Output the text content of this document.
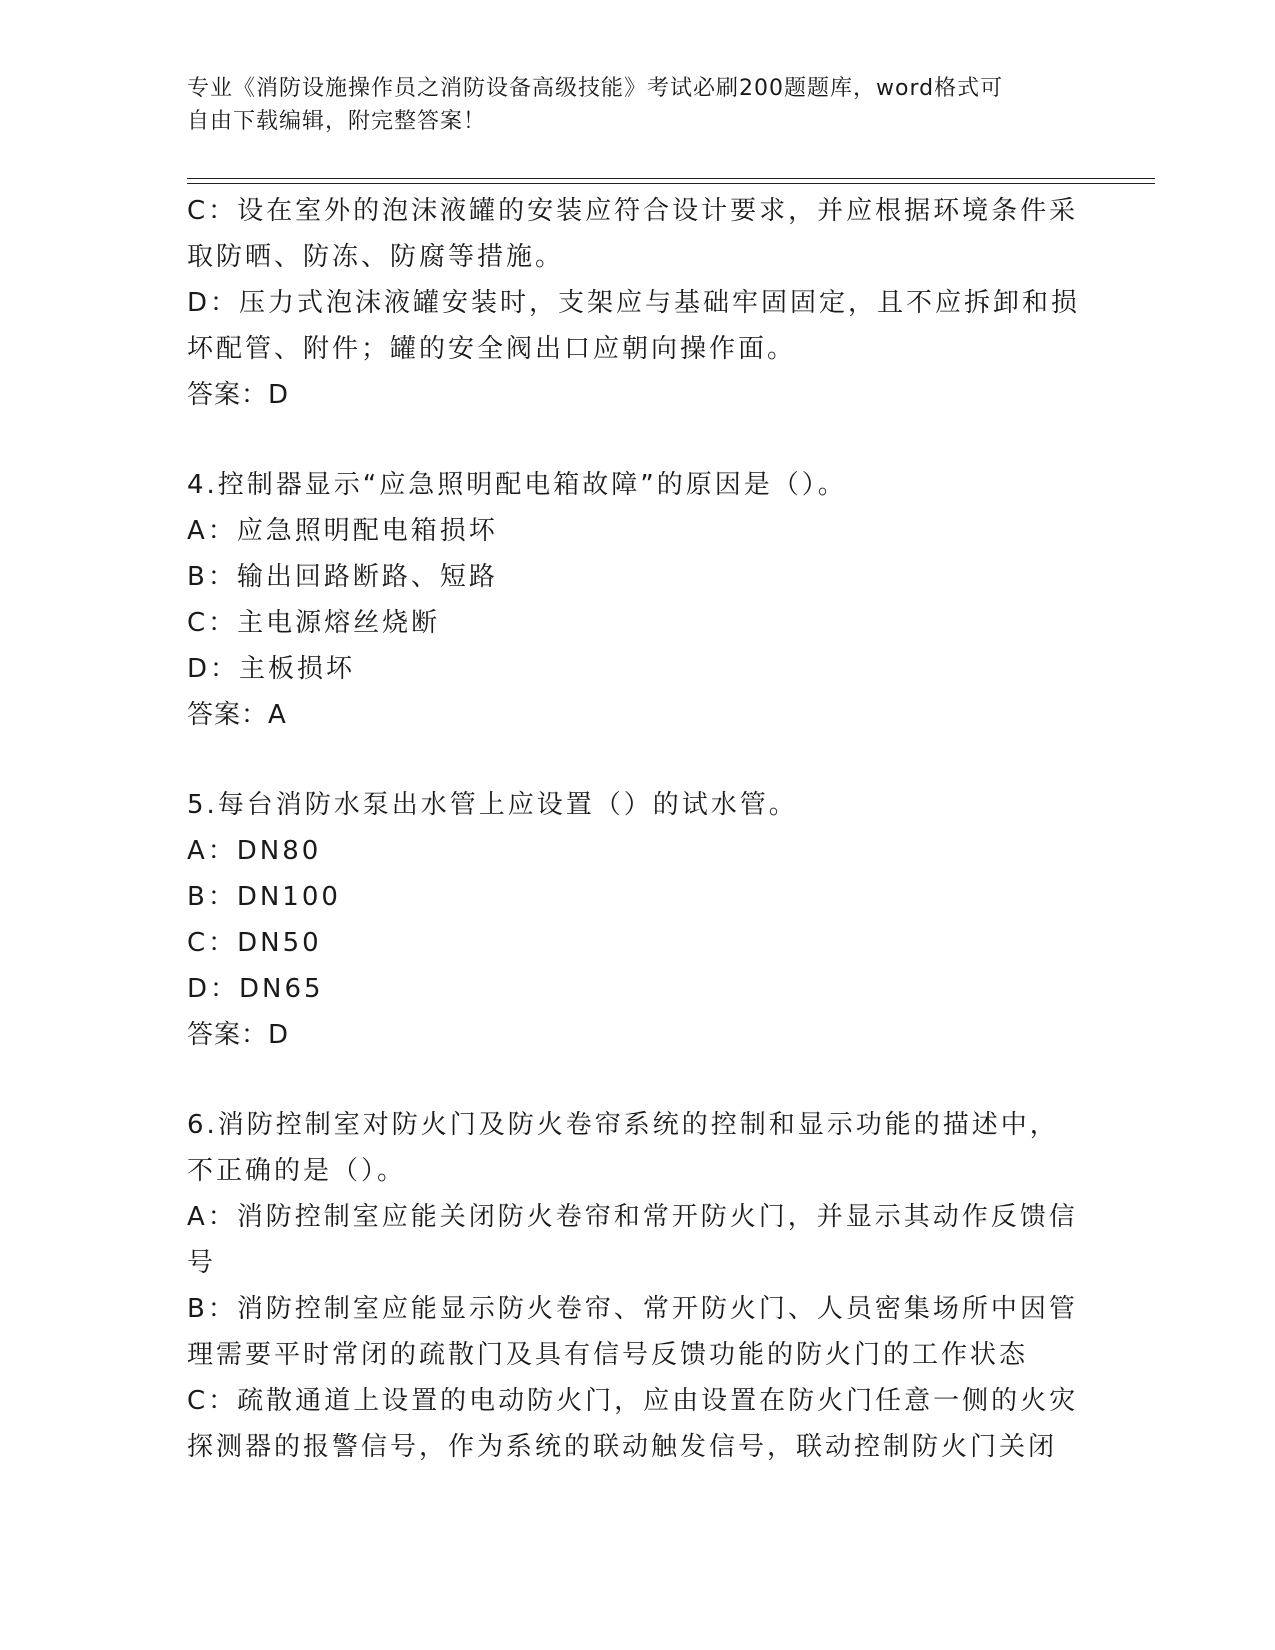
专业《消防设施操作员之消防设备高级技能》考试必刷200题题库，word格式可
自由下载编辑，附完整答案！
C：设在室外的泡沫液罐的安装应符合设计要求，并应根据环境条件采
取防晒、防冻、防腐等措施。
D：压力式泡沫液罐安装时，支架应与基础牢固固定，且不应拆卸和损
坏配管、附件；罐的安全阀出口应朝向操作面。
答案：D
4.控制器显示“应急照明配电箱故障”的原因是（）。
A：应急照明配电箱损坏
B：输出回路断路、短路
C：主电源熔丝烧断
D：主板损坏
答案：A
5.每台消防水泵出水管上应设置（）的试水管。
A：DN80
B：DN100
C：DN50
D：DN65
答案：D
6.消防控制室对防火门及防火卷帘系统的控制和显示功能的描述中，
不正确的是（）。
A：消防控制室应能关闭防火卷帘和常开防火门，并显示其动作反馈信
号
B：消防控制室应能显示防火卷帘、常开防火门、人员密集场所中因管
理需要平时常闭的疏散门及具有信号反馈功能的防火门的工作状态
C：疏散通道上设置的电动防火门，应由设置在防火门任意一侧的火灾
探测器的报警信号，作为系统的联动触发信号，联动控制防火门关闭
